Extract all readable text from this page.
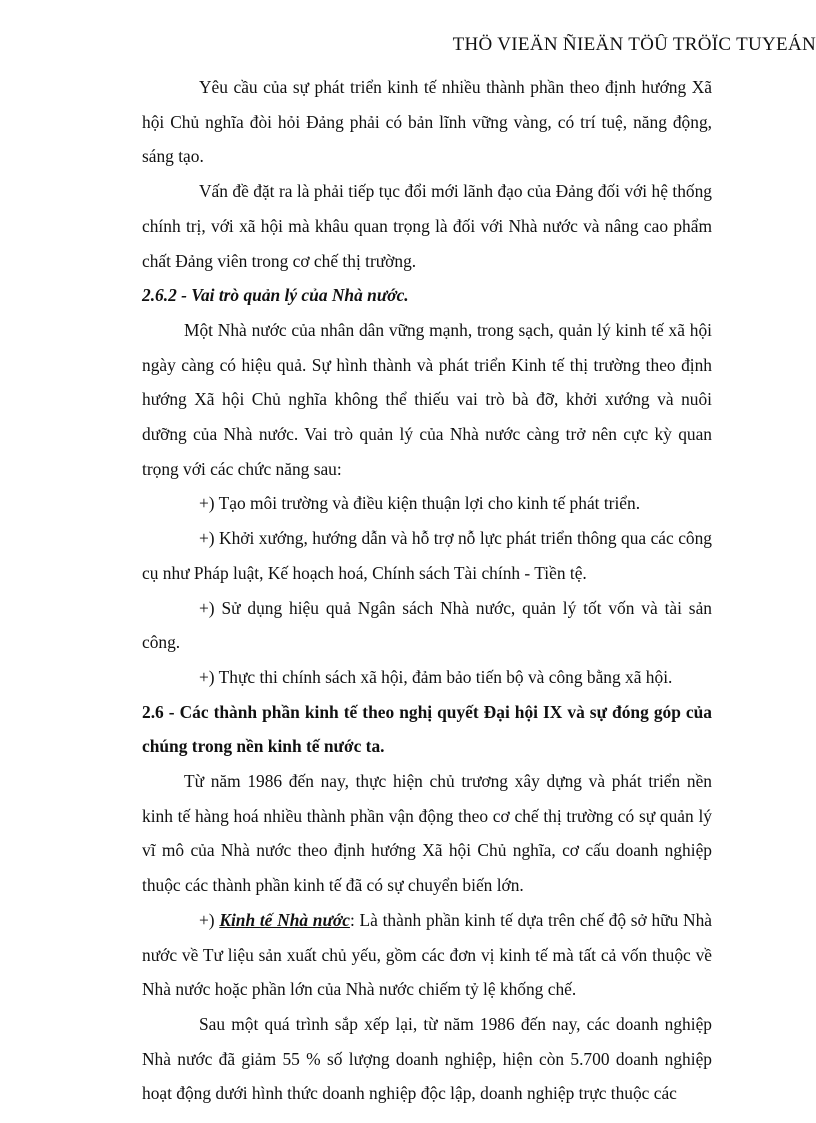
THÖ VIEÄN ÑIEÄN TÖÛ TRÖÏC TUYEÁN

Yêu cầu của sự phát triển kinh tế nhiều thành phần theo định hướng Xã hội Chủ nghĩa đòi hỏi Đảng phải có bản lĩnh vững vàng, có trí tuệ, năng động, sáng tạo.

Vấn đề đặt ra là phải tiếp tục đổi mới lãnh đạo của Đảng đối với hệ thống chính trị, với xã hội mà khâu quan trọng là đối với Nhà nước và nâng cao phẩm chất Đảng viên trong cơ chế thị trường.

2.6.2 - Vai trò quản lý của Nhà nước.

Một Nhà nước của nhân dân vững mạnh, trong sạch, quản lý kinh tế xã hội ngày càng có hiệu quả. Sự hình thành và phát triển Kinh tế thị trường theo định hướng Xã hội Chủ nghĩa không thể thiếu vai trò bà đỡ, khởi xướng và nuôi dưỡng của Nhà nước. Vai trò quản lý của Nhà nước càng trở nên cực kỳ quan trọng với các chức năng sau:

+) Tạo môi trường và điều kiện thuận lợi cho kinh tế phát triển.

+) Khởi xướng, hướng dẫn và hỗ trợ nỗ lực phát triển thông qua các công cụ như Pháp luật, Kế hoạch hoá, Chính sách Tài chính - Tiền tệ.

+) Sử dụng hiệu quả Ngân sách Nhà nước, quản lý tốt vốn và tài sản công.

+) Thực thi chính sách xã hội, đảm bảo tiến bộ và công bằng xã hội.

2.6 - Các thành phần kinh tế theo nghị quyết Đại hội IX và sự đóng góp của chúng trong nền kinh tế nước ta.

Từ năm 1986 đến nay, thực hiện chủ trương xây dựng và phát triển nền kinh tế hàng hoá nhiều thành phần vận động theo cơ chế thị trường có sự quản lý vĩ mô của Nhà nước theo định hướng Xã hội Chủ nghĩa, cơ cấu doanh nghiệp thuộc các thành phần kinh tế đã có sự chuyển biến lớn.

+) Kinh tế Nhà nước: Là thành phần kinh tế dựa trên chế độ sở hữu Nhà nước về Tư liệu sản xuất chủ yếu, gồm các đơn vị kinh tế mà tất cả vốn thuộc về Nhà nước hoặc phần lớn của Nhà nước chiếm tỷ lệ khống chế.

Sau một quá trình sắp xếp lại, từ năm 1986 đến nay, các doanh nghiệp Nhà nước đã giảm 55 % số lượng doanh nghiệp, hiện còn 5.700 doanh nghiệp hoạt động dưới hình thức doanh nghiệp độc lập, doanh nghiệp trực thuộc các
